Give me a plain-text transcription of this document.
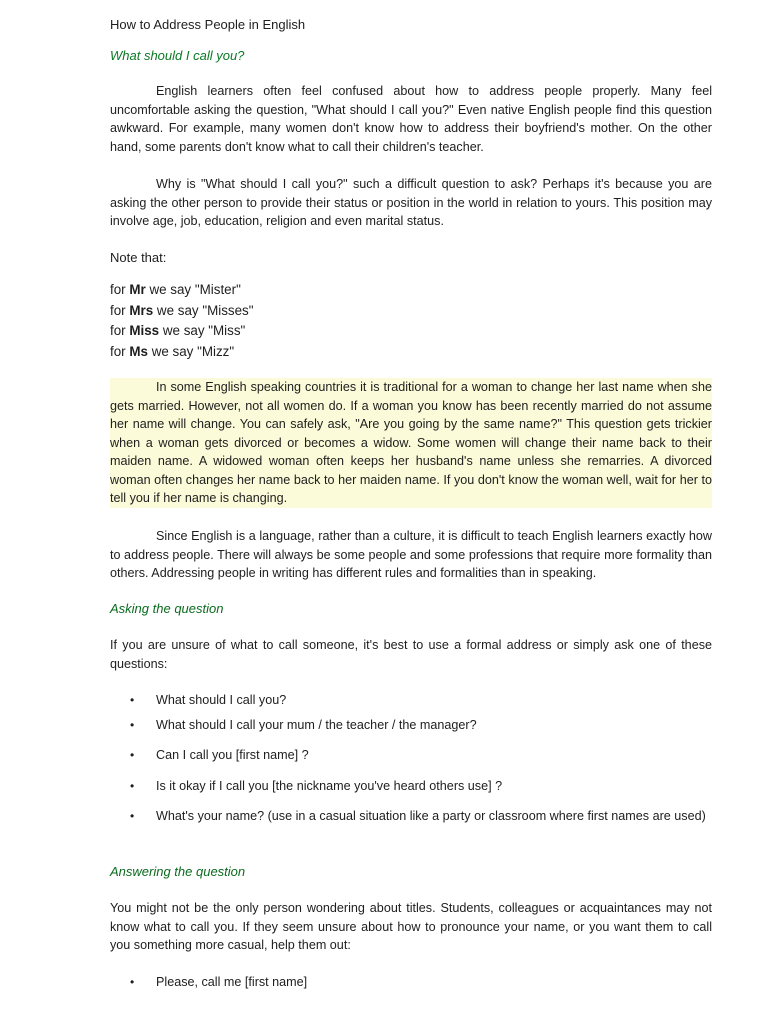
How to Address People in English
What should I call you?

English learners often feel confused about how to address people properly. Many feel uncomfortable asking the question, "What should I call you?" Even native English people find this question awkward. For example, many women don't know how to address their boyfriend's mother. On the other hand, some parents don't know what to call their children's teacher.

Why is "What should I call you?" such a difficult question to ask? Perhaps it's because you are asking the other person to provide their status or position in the world in relation to yours. This position may involve age, job, education, religion and even marital status.

Note that:
for Mr we say "Mister"
for Mrs we say "Misses"
for Miss we say "Miss"
for Ms we say "Mizz"

In some English speaking countries it is traditional for a woman to change her last name when she gets married. However, not all women do. If a woman you know has been recently married do not assume her name will change. You can safely ask, "Are you going by the same name?" This question gets trickier when a woman gets divorced or becomes a widow. Some women will change their name back to their maiden name. A widowed woman often keeps her husband's name unless she remarries. A divorced woman often changes her name back to her maiden name. If you don't know the woman well, wait for her to tell you if her name is changing.

Since English is a language, rather than a culture, it is difficult to teach English learners exactly how to address people. There will always be some people and some professions that require more formality than others. Addressing people in writing has different rules and formalities than in speaking.

Asking the question

If you are unsure of what to call someone, it's best to use a formal address or simply ask one of these questions:

• What should I call you?
• What should I call your mum / the teacher / the manager?
• Can I call you [first name] ?
• Is it okay if I call you [the nickname you've heard others use] ?
• What's your name? (use in a casual situation like a party or classroom where first names are used)
Answering the question

You might not be the only person wondering about titles. Students, colleagues or acquaintances may not know what to call you. If they seem unsure about how to pronounce your name, or you want them to call you something more casual, help them out:

• Please, call me [first name]
